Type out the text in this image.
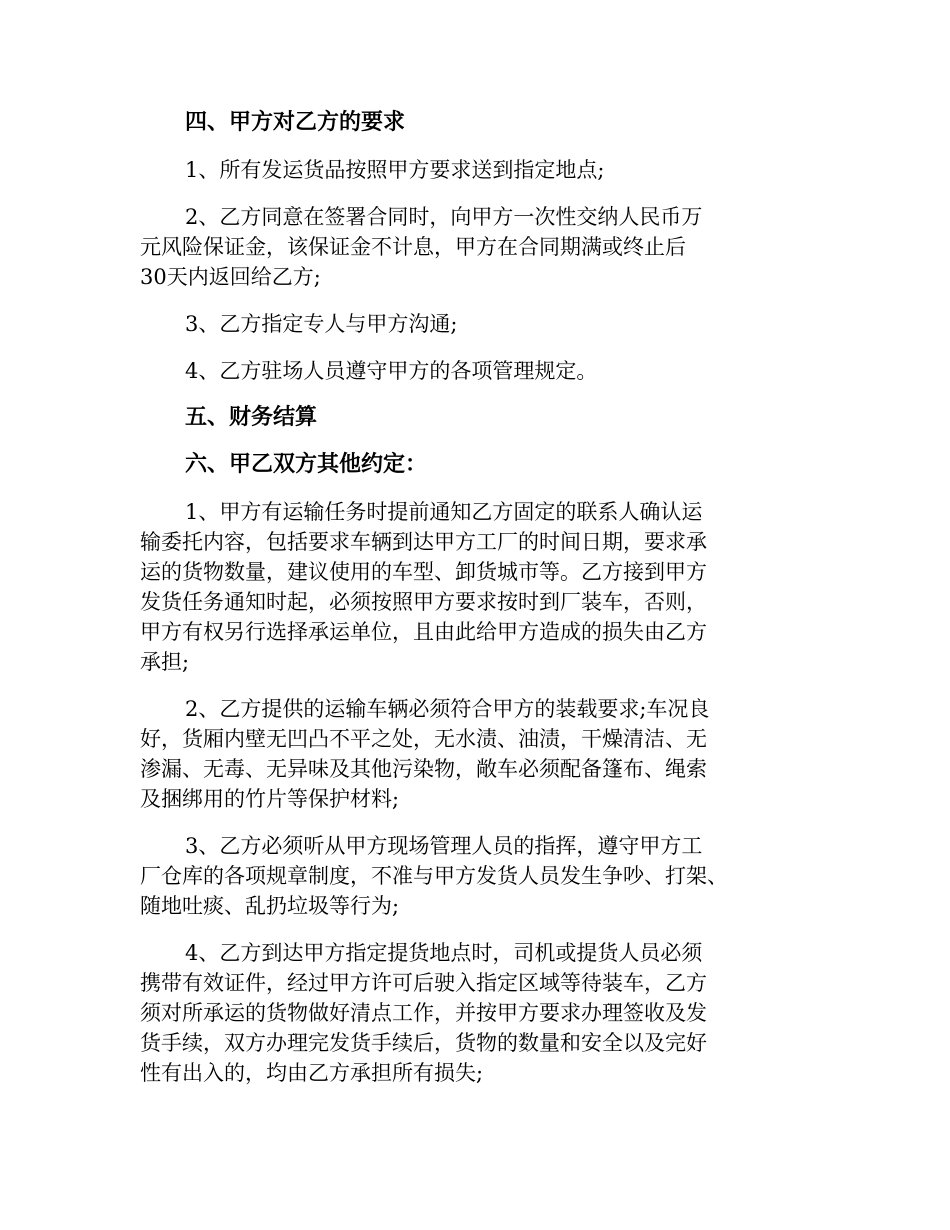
四、甲方对乙方的要求
1、所有发运货品按照甲方要求送到指定地点;
2、乙方同意在签署合同时，向甲方一次性交纳人民币万
元风险保证金，该保证金不计息，甲方在合同期满或终止后
30天内返回给乙方;
3、乙方指定专人与甲方沟通;
4、乙方驻场人员遵守甲方的各项管理规定。
五、财务结算
六、甲乙双方其他约定：
1、甲方有运输任务时提前通知乙方固定的联系人确认运
输委托内容，包括要求车辆到达甲方工厂的时间日期，要求承
运的货物数量，建议使用的车型、卸货城市等。乙方接到甲方
发货任务通知时起，必须按照甲方要求按时到厂装车，否则，
甲方有权另行选择承运单位，且由此给甲方造成的损失由乙方
承担;
2、乙方提供的运输车辆必须符合甲方的装载要求;车况良
好，货厢内壁无凹凸不平之处，无水渍、油渍，干燥清洁、无
渗漏、无毒、无异味及其他污染物，敞车必须配备篷布、绳索
及捆绑用的竹片等保护材料;
3、乙方必须听从甲方现场管理人员的指挥，遵守甲方工
厂仓库的各项规章制度，不准与甲方发货人员发生争吵、打架、
随地吐痰、乱扔垃圾等行为;
4、乙方到达甲方指定提货地点时，司机或提货人员必须
携带有效证件，经过甲方许可后驶入指定区域等待装车，乙方
须对所承运的货物做好清点工作，并按甲方要求办理签收及发
货手续，双方办理完发货手续后，货物的数量和安全以及完好
性有出入的，均由乙方承担所有损失;
